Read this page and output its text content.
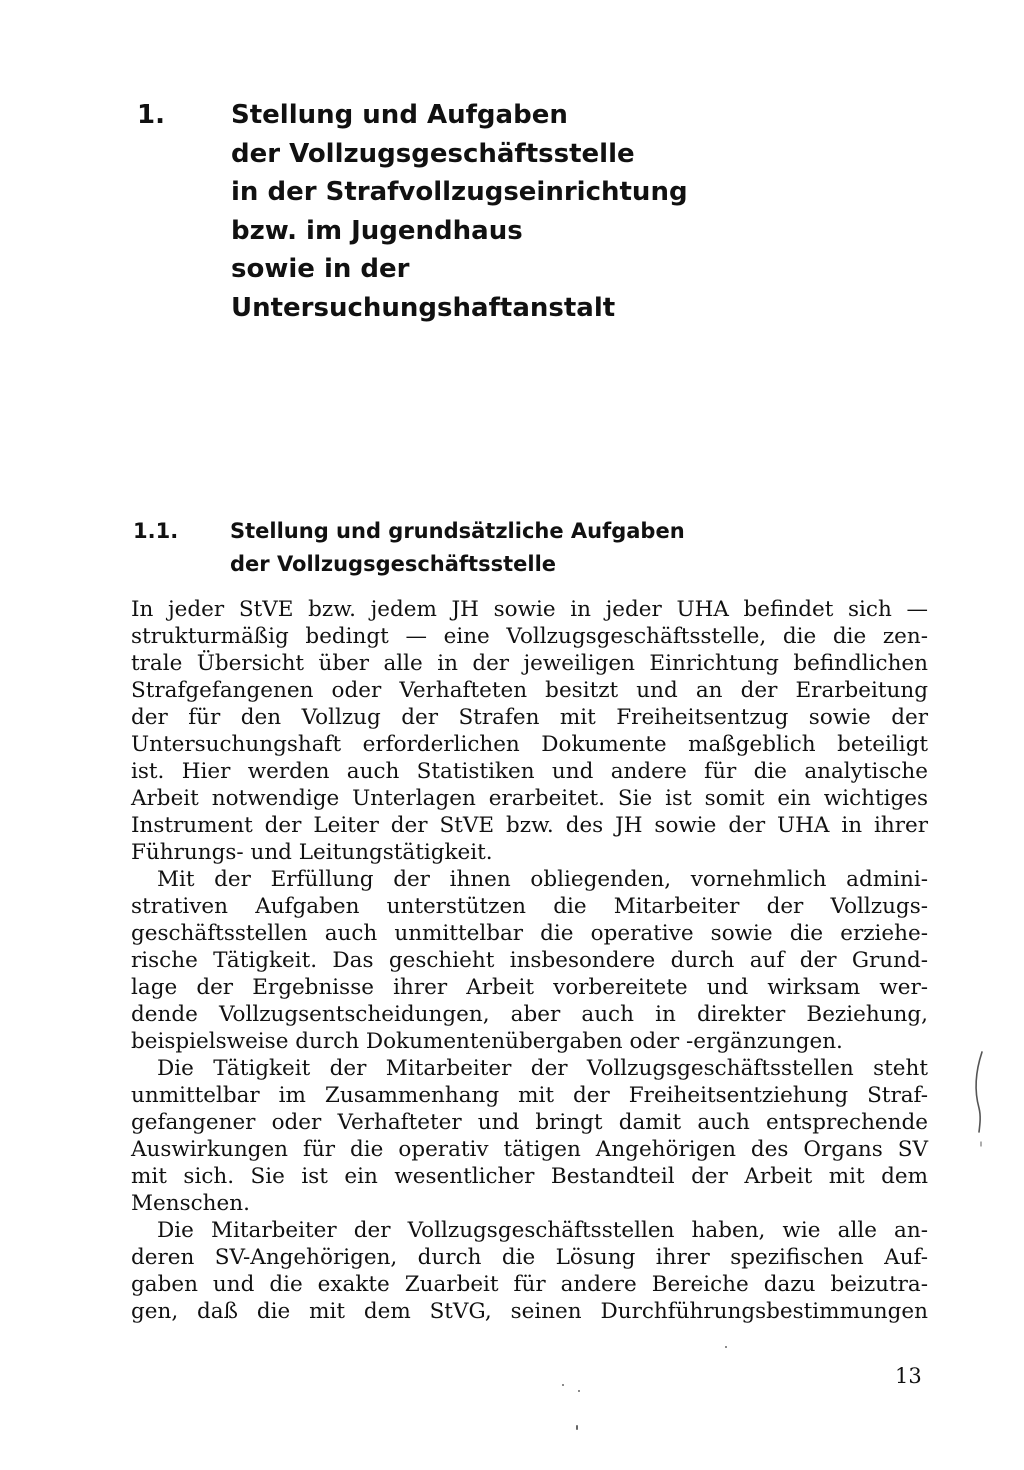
1.	Stellung und Aufgaben
der Vollzugsgeschäftsstelle
in der Strafvollzugseinrichtung
bzw. im Jugendhaus
sowie in der
Untersuchungshaftanstalt
1.1. Stellung und grundsätzliche Aufgaben
der Vollzugsgeschäftsstelle
In jeder StVE bzw. jedem JH sowie in jeder UHA befindet sich —
strukturmäßig bedingt — eine Vollzugsgeschäftsstelle, die die zen-
trale Übersicht über alle in der jeweiligen Einrichtung befindlichen
Strafgefangenen oder Verhafteten besitzt und an der Erarbeitung
der für den Vollzug der Strafen mit Freiheitsentzug sowie der
Untersuchungshaft erforderlichen Dokumente maßgeblich beteiligt
ist. Hier werden auch Statistiken und andere für die analytische
Arbeit notwendige Unterlagen erarbeitet. Sie ist somit ein wichtiges
Instrument der Leiter der StVE bzw. des JH sowie der UHA in ihrer
Führungs- und Leitungstätigkeit.
Mit der Erfüllung der ihnen obliegenden, vornehmlich admini-
strativen Aufgaben unterstützen die Mitarbeiter der Vollzugs-
geschäftsstellen auch unmittelbar die operative sowie die erziehe-
rische Tätigkeit. Das geschieht insbesondere durch auf der Grund-
lage der Ergebnisse ihrer Arbeit vorbereitete und wirksam wer-
dende Vollzugsentscheidungen, aber auch in direkter Beziehung,
beispielsweise durch Dokumentenübergaben oder -ergänzungen.
Die Tätigkeit der Mitarbeiter der Vollzugsgeschäftsstellen steht
unmittelbar im Zusammenhang mit der Freiheitsentziehung Straf-
gefangener oder Verhafteter und bringt damit auch entsprechende
Auswirkungen für die operativ tätigen Angehörigen des Organs SV
mit sich. Sie ist ein wesentlicher Bestandteil der Arbeit mit dem
Menschen.
Die Mitarbeiter der Vollzugsgeschäftsstellen haben, wie alle an-
deren SV-Angehörigen, durch die Lösung ihrer spezifischen Auf-
gaben und die exakte Zuarbeit für andere Bereiche dazu beizutra-
gen, daß die mit dem StVG, seinen Durchführungsbestimmungen
13
